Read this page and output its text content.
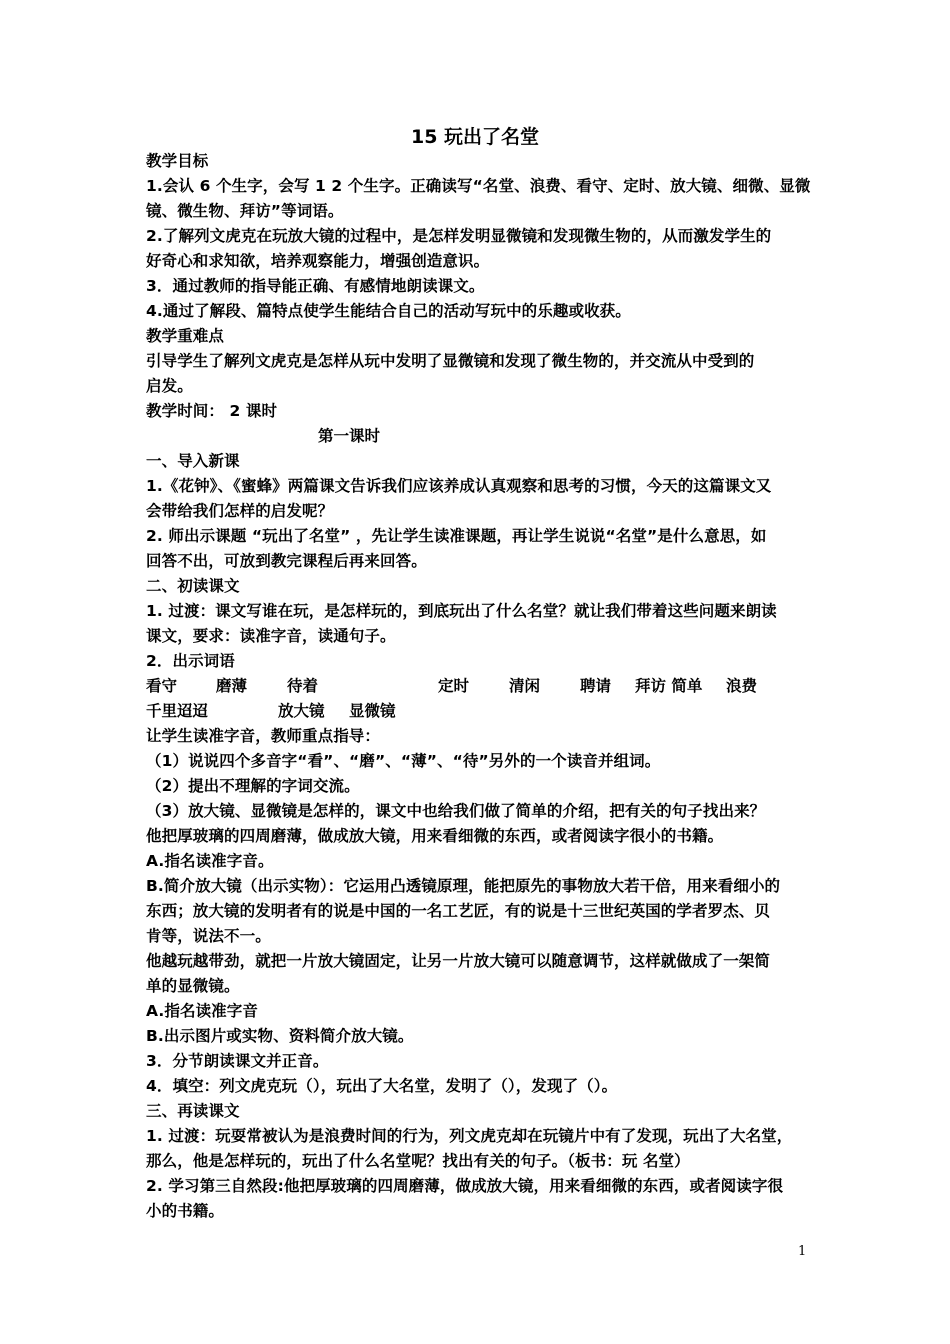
15 玩出了名堂
教学目标
1.会认 6 个生字，会写 1 2 个生字。正确读写“名堂、浪费、看守、定时、放大镜、细微、显微
镜、微生物、拜访”等词语。
2.了解列文虎克在玩放大镜的过程中，是怎样发明显微镜和发现微生物的，从而激发学生的
好奇心和求知欲，培养观察能力，增强创造意识。
3．通过教师的指导能正确、有感情地朗读课文。
4.通过了解段、篇特点使学生能结合自己的活动写玩中的乐趣或收获。
教学重难点
引导学生了解列文虎克是怎样从玩中发明了显微镜和发现了微生物的，并交流从中受到的
启发。
教学时间： 2 课时
第一课时
一、导入新课
1.《花钟》、《蜜蜂》两篇课文告诉我们应该养成认真观察和思考的习惯，今天的这篇课文又
会带给我们怎样的启发呢？
2. 师出示课题 “玩出了名堂” ，先让学生读准课题，再让学生说说“名堂”是什么意思，如
回答不出，可放到教完课程后再来回答。
二、初读课文
1. 过渡：课文写谁在玩，是怎样玩的，到底玩出了什么名堂？就让我们带着这些问题来朗读
课文，要求：读准字音，读通句子。
2．出示词语
看守	磨薄	待着	定时	清闲	聘请 拜访 简单 浪费
千里迢迢	放大镜 显微镜
让学生读准字音，教师重点指导：
（1）说说四个多音字“看”、“磨”、“薄”、“待”另外的一个读音并组词。
（2）提出不理解的字词交流。
（3）放大镜、显微镜是怎样的，课文中也给我们做了简单的介绍，把有关的句子找出来？
他把厚玻璃的四周磨薄，做成放大镜，用来看细微的东西，或者阅读字很小的书籍。
A.指名读准字音。
B.简介放大镜（出示实物）：它运用凸透镜原理，能把原先的事物放大若干倍，用来看细小的
东西；放大镜的发明者有的说是中国的一名工艺匠，有的说是十三世纪英国的学者罗杰、贝
肯等，说法不一。
他越玩越带劲，就把一片放大镜固定，让另一片放大镜可以随意调节，这样就做成了一架简
单的显微镜。
A.指名读准字音
B.出示图片或实物、资料简介放大镜。
3．分节朗读课文并正音。
4．填空：列文虎克玩（），玩出了大名堂，发明了（），发现了（）。
三、再读课文
1. 过渡：玩耍常被认为是浪费时间的行为，列文虎克却在玩镜片中有了发现，玩出了大名堂，
那么，他是怎样玩的，玩出了什么名堂呢？找出有关的句子。（板书：玩 名堂）
2. 学习第三自然段:他把厚玻璃的四周磨薄，做成放大镜，用来看细微的东西，或者阅读字很
小的书籍。
1
